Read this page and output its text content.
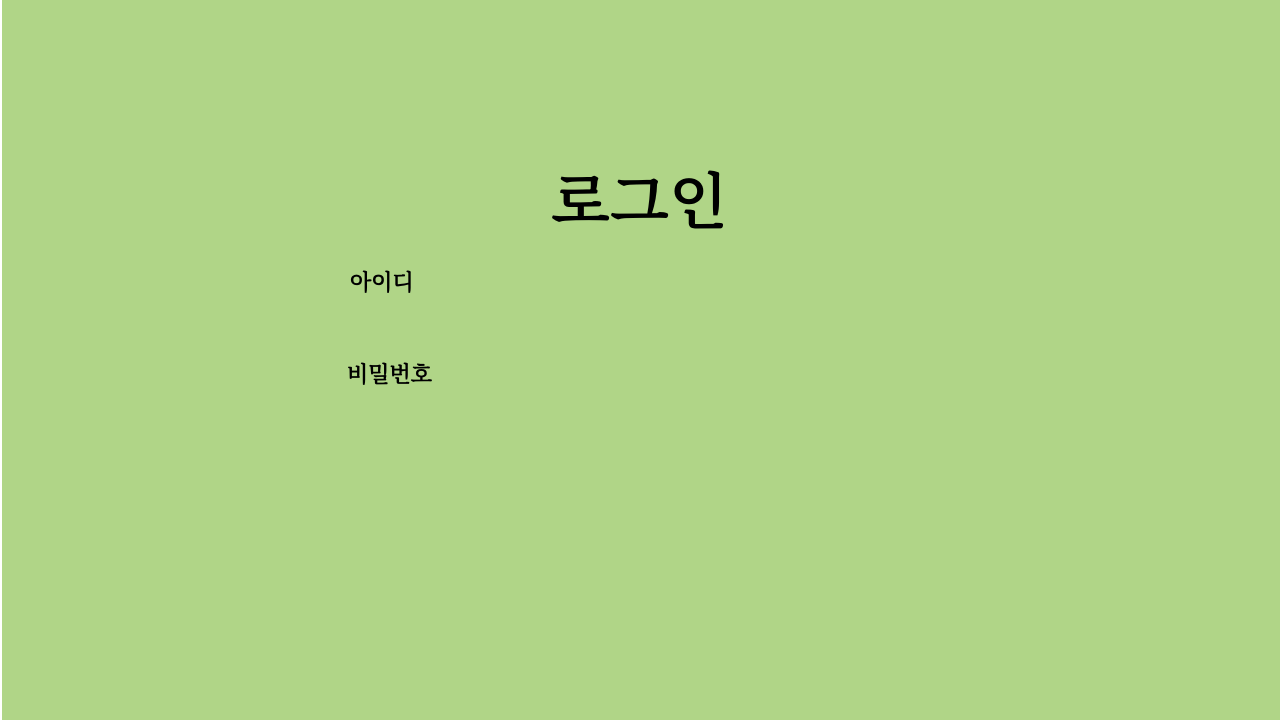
로그인
아이디
비밀번호
